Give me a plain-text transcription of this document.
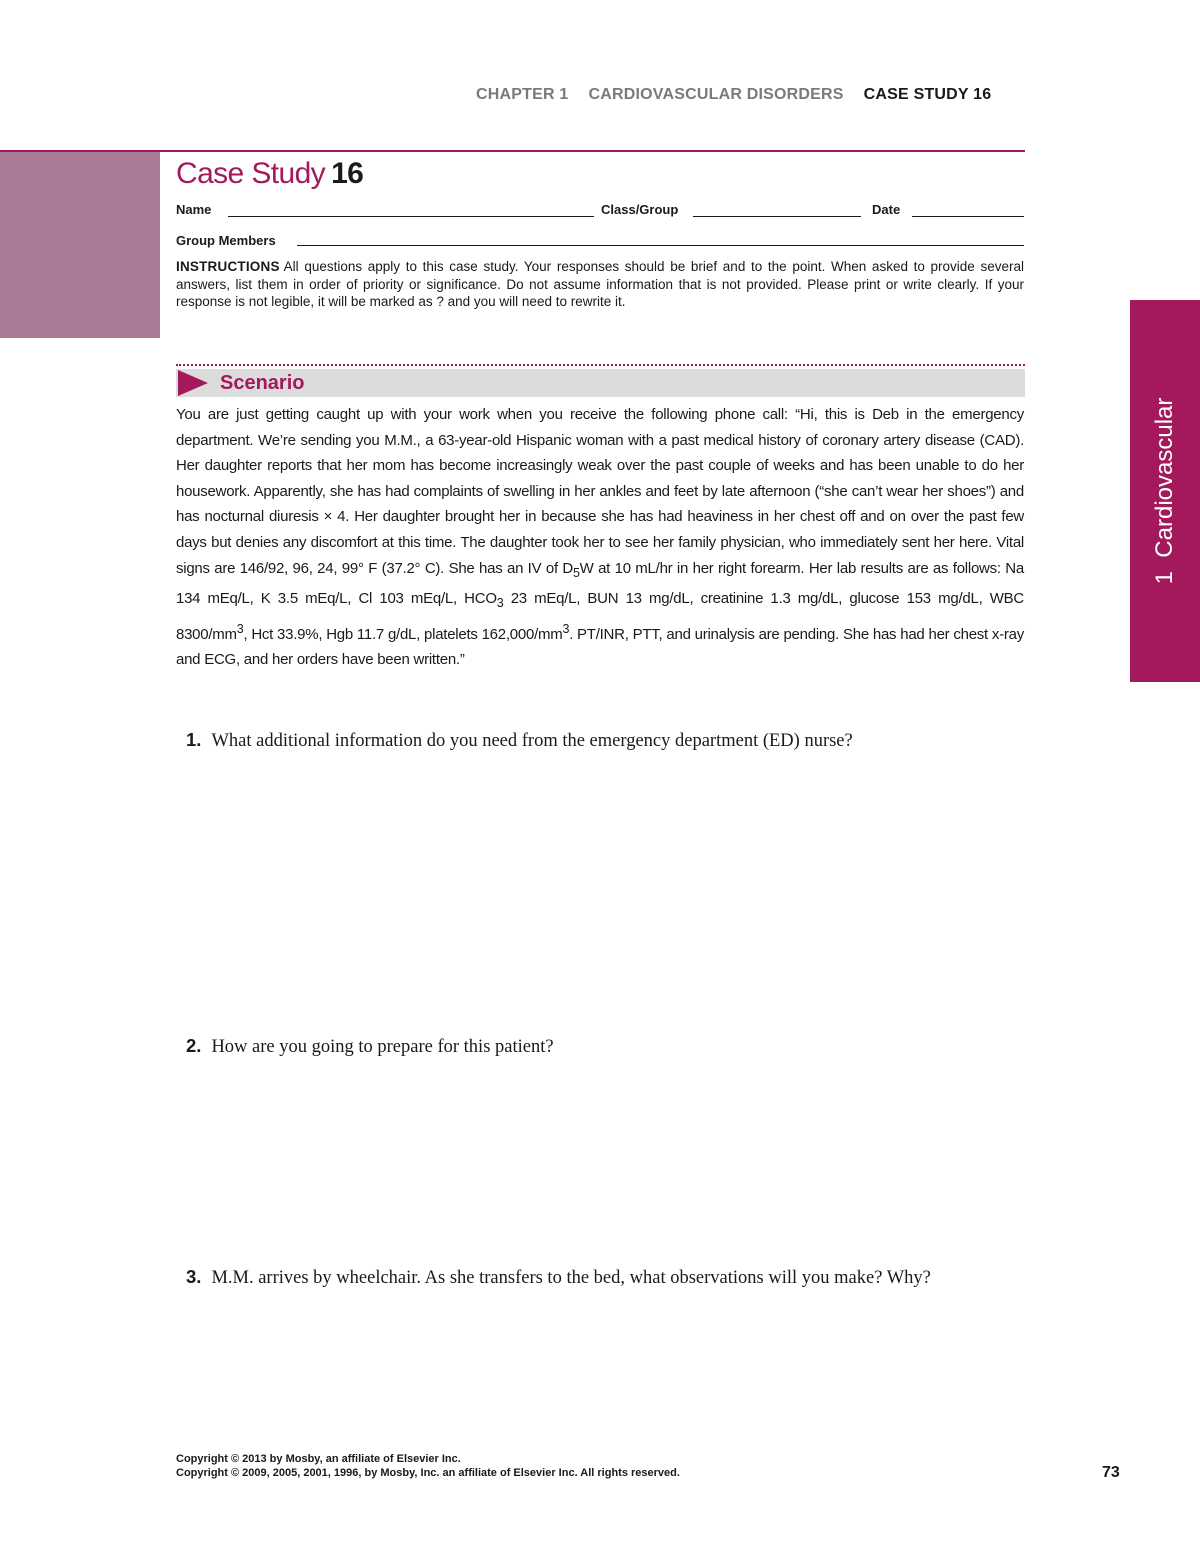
CHAPTER 1 CARDIOVASCULAR DISORDERS CASE STUDY 16
Case Study 16
Name	Class/Group	Date
Group Members
INSTRUCTIONS All questions apply to this case study. Your responses should be brief and to the point. When asked to provide several answers, list them in order of priority or significance. Do not assume information that is not provided. Please print or write clearly. If your response is not legible, it will be marked as ? and you will need to rewrite it.
Scenario
You are just getting caught up with your work when you receive the following phone call: “Hi, this is Deb in the emergency department. We’re sending you M.M., a 63-year-old Hispanic woman with a past medical history of coronary artery disease (CAD). Her daughter reports that her mom has become increasingly weak over the past couple of weeks and has been unable to do her housework. Apparently, she has had complaints of swelling in her ankles and feet by late afternoon (“she can’t wear her shoes”) and has nocturnal diuresis × 4. Her daughter brought her in because she has had heaviness in her chest off and on over the past few days but denies any discomfort at this time. The daughter took her to see her family physician, who immediately sent her here. Vital signs are 146/92, 96, 24, 99° F (37.2° C). She has an IV of $D_5W$ at 10 mL/hr in her right forearm. Her lab results are as follows: Na 134 mEq/L, K 3.5 mEq/L, Cl 103 mEq/L, $HCO_3$ 23 mEq/L, BUN 13 mg/dL, creatinine 1.3 mg/dL, glucose 153 mg/dL, WBC $8300/mm^3$, Hct 33.9%, Hgb 11.7 g/dL, platelets $162,000/mm^3$. PT/INR, PTT, and urinalysis are pending. She has had her chest x-ray and ECG, and her orders have been written.”
1. What additional information do you need from the emergency department (ED) nurse?
2. How are you going to prepare for this patient?
3. M.M. arrives by wheelchair. As she transfers to the bed, what observations will you make? Why?
1  Cardiovascular
Copyright © 2013 by Mosby, an affiliate of Elsevier Inc.
Copyright © 2009, 2005, 2001, 1996, by Mosby, Inc. an affiliate of Elsevier Inc. All rights reserved.	73
